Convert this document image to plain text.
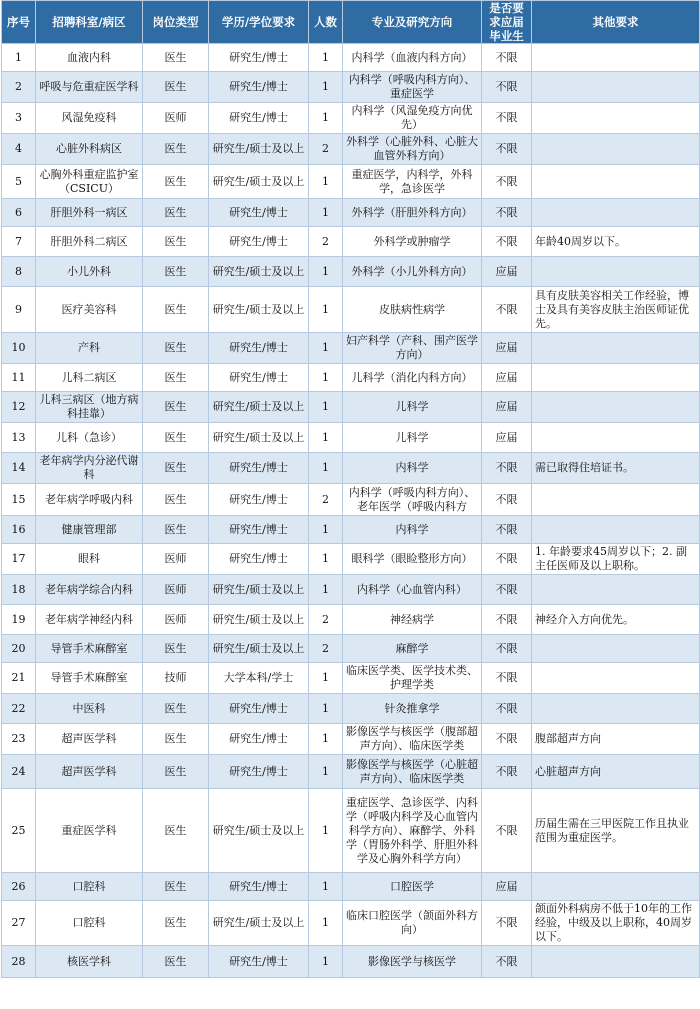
序号	招聘科室/病区	岗位类型	学历/学位要求	人数	专业及研究方向	是否要求应届毕业生	其他要求
1	血液内科	医生	研究生/博士	1	内科学（血液内科方向）	不限	
2	呼吸与危重症医学科	医生	研究生/博士	1	内科学（呼吸内科方向）、重症医学	不限	
3	风湿免疫科	医师	研究生/博士	1	内科学（风湿免疫方向优先）	不限	
4	心脏外科病区	医生	研究生/硕士及以上	2	外科学（心脏外科、心脏大血管外科方向）	不限	
5	心胸外科重症监护室（CSICU）	医生	研究生/硕士及以上	1	重症医学，内科学，外科学，急诊医学	不限	
6	肝胆外科一病区	医生	研究生/博士	1	外科学（肝胆外科方向）	不限	
7	肝胆外科二病区	医生	研究生/博士	2	外科学或肿瘤学	不限	年龄40周岁以下。
8	小儿外科	医生	研究生/硕士及以上	1	外科学（小儿外科方向）	应届	
9	医疗美容科	医生	研究生/硕士及以上	1	皮肤病性病学	不限	具有皮肤美容相关工作经验，博士及具有美容皮肤主治医师证优先。
10	产科	医生	研究生/博士	1	妇产科学（产科、围产医学方向）	应届	
11	儿科二病区	医生	研究生/博士	1	儿科学（消化内科方向）	应届	
12	儿科三病区（地方病科挂靠）	医生	研究生/硕士及以上	1	儿科学	应届	
13	儿科（急诊）	医生	研究生/硕士及以上	1	儿科学	应届	
14	老年病学内分泌代谢科	医生	研究生/博士	1	内科学	不限	需已取得住培证书。
15	老年病学呼吸内科	医生	研究生/博士	2	内科学（呼吸内科方向）、老年医学（呼吸内科方	不限	
16	健康管理部	医生	研究生/博士	1	内科学	不限	
17	眼科	医师	研究生/博士	1	眼科学（眼睑整形方向）	不限	1. 年龄要求45周岁以下；2. 副主任医师及以上职称。
18	老年病学综合内科	医师	研究生/硕士及以上	1	内科学（心血管内科）	不限	
19	老年病学神经内科	医师	研究生/硕士及以上	2	神经病学	不限	神经介入方向优先。
20	导管手术麻醉室	医生	研究生/硕士及以上	2	麻醉学	不限	
21	导管手术麻醉室	技师	大学本科/学士	1	临床医学类、医学技术类、护理学类	不限	
22	中医科	医生	研究生/博士	1	针灸推拿学	不限	
23	超声医学科	医生	研究生/博士	1	影像医学与核医学（腹部超声方向）、临床医学类	不限	腹部超声方向
24	超声医学科	医生	研究生/博士	1	影像医学与核医学（心脏超声方向）、临床医学类	不限	心脏超声方向
25	重症医学科	医生	研究生/硕士及以上	1	重症医学、急诊医学、内科学（呼吸内科学及心血管内科学方向）、麻醉学、外科学（胃肠外科学、肝胆外科学及心胸外科学方向）	不限	历届生需在三甲医院工作且执业范围为重症医学。
26	口腔科	医生	研究生/博士	1	口腔医学	应届	
27	口腔科	医生	研究生/硕士及以上	1	临床口腔医学（颌面外科方向）	不限	颌面外科病房不低于10年的工作经验，中级及以上职称，40周岁以下。
28	核医学科	医生	研究生/博士	1	影像医学与核医学	不限	
